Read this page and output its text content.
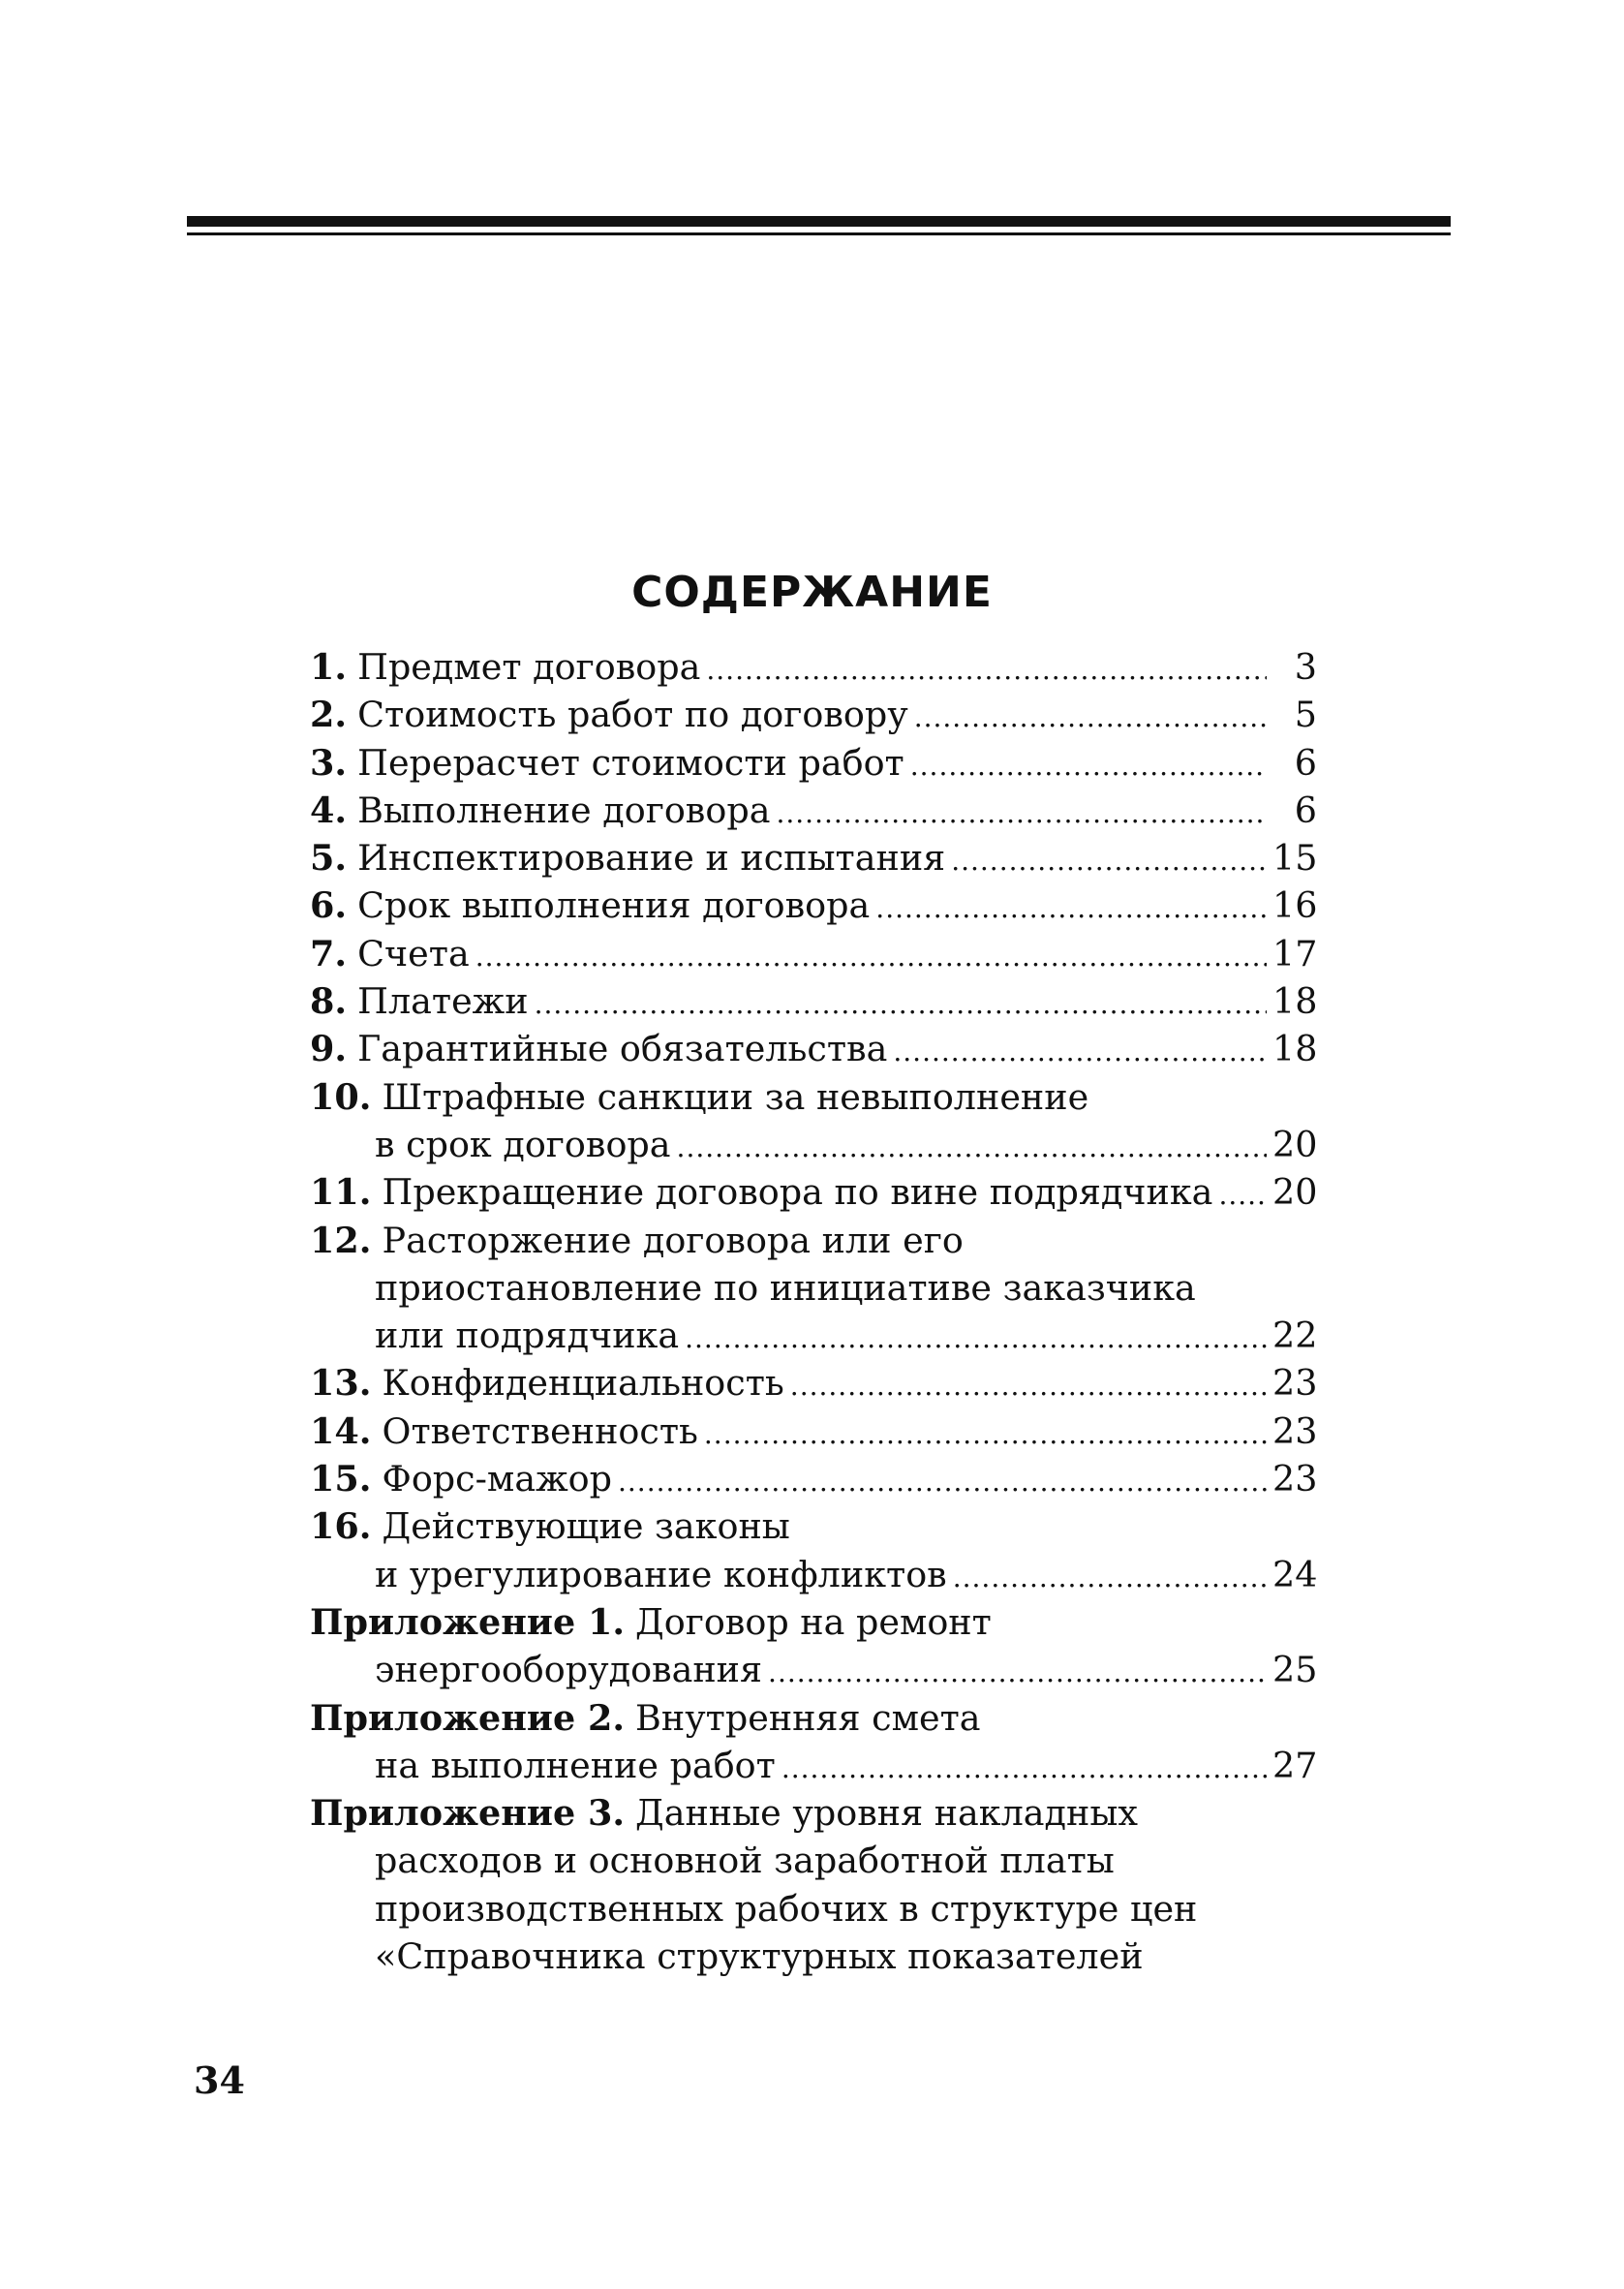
СОДЕРЖАНИЕ
1. Предмет договора .....	3
2. Стоимость работ по договору .....	5
3. Перерасчет стоимости работ .....	6
4. Выполнение договора .....	6
5. Инспектирование и испытания .....	15
6. Срок выполнения договора .....	16
7. Счета .....	17
8. Платежи .....	18
9. Гарантийные обязательства .....	18
10. Штрафные санкции за невыполнение
в срок договора .....	20
11. Прекращение договора по вине подрядчика ..... 20
12. Расторжение договора или его
приостановление по инициативе заказчика
или подрядчика .....	22
13. Конфиденциальность .....	23
14. Ответственность .....	23
15. Форс-мажор .....	23
16. Действующие законы
и урегулирование конфликтов .....	24
Приложение 1. Договор на ремонт
энергооборудования .....	25
Приложение 2. Внутренняя смета
на выполнение работ .....	27
Приложение 3. Данные уровня накладных
расходов и основной заработной платы
производственных рабочих в структуре цен
«Справочника структурных показателей
34
